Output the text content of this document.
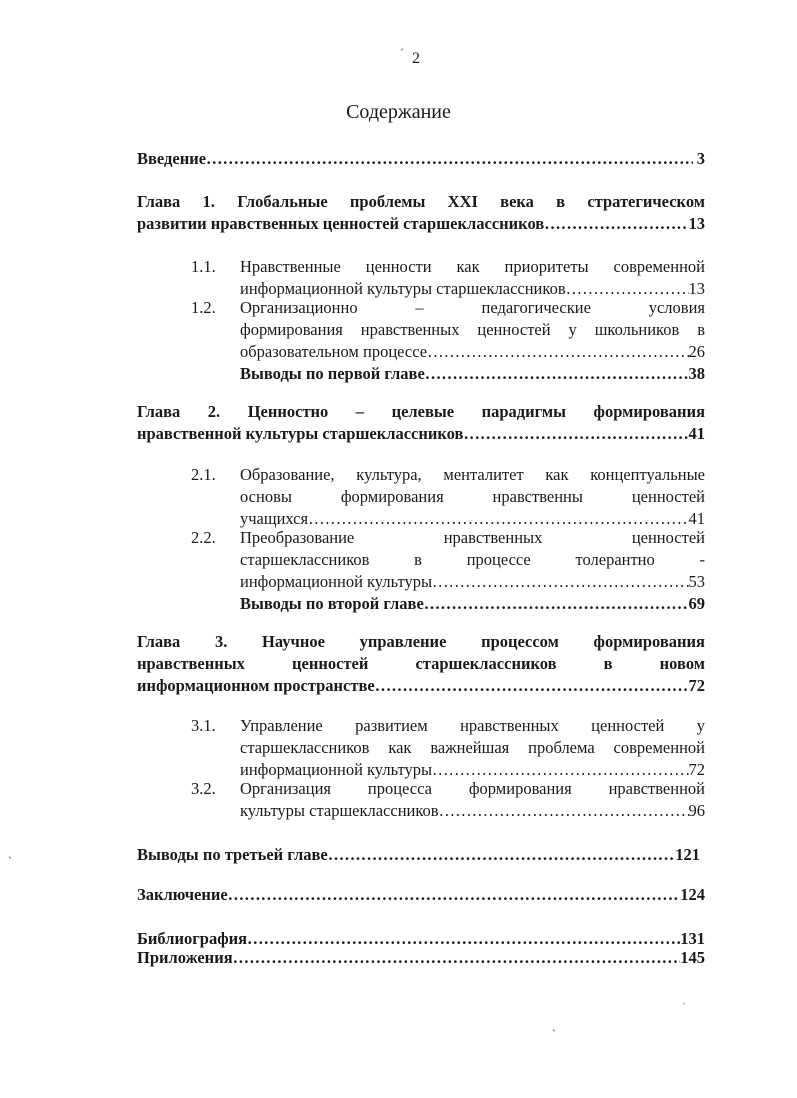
2
Содержание
Введение ……………………………………………………………………………………………………………………………………	3
Глава 1. Глобальные проблемы XXI века в стратегическом
развитии нравственных ценностей старшеклассников ……………………………………………………………………………………………………………………………………	13
1.1.	Нравственные ценности как приоритеты современной
информационной культуры старшеклассников ……………………………………………………………………………………………………………………………………	13
1.2.	Организационно – педагогические условия
формирования нравственных ценностей у школьников в
образовательном процессе ……………………………………………………………………………………………………………………………………	26
Выводы по первой главе ……………………………………………………………………………………………………………………………………	38
Глава 2. Ценностно – целевые парадигмы формирования
нравственной культуры старшеклассников ……………………………………………………………………………………………………………………………………	41
2.1.	Образование, культура, менталитет как концептуальные
основы формирования нравственны ценностей
учащихся ……………………………………………………………………………………………………………………………………	41
2.2.	Преобразование нравственных ценностей
старшеклассников в процессе толерантно -
информационной культуры ……………………………………………………………………………………………………………………………………	53
Выводы по второй главе ……………………………………………………………………………………………………………………………………	69
Глава 3. Научное управление процессом формирования
нравственных ценностей старшеклассников в новом
информационном пространстве ……………………………………………………………………………………………………………………………………	72
3.1.	Управление развитием нравственных ценностей у
старшеклассников как важнейшая проблема современной
информационной культуры ……………………………………………………………………………………………………………………………………	72
3.2.	Организация процесса формирования нравственной
культуры старшеклассников ……………………………………………………………………………………………………………………………………	96
Выводы по третьей главе ……………………………………………………………………………………………………………………………………	121
Заключение ……………………………………………………………………………………………………………………………………	124
Библиография ……………………………………………………………………………………………………………………………………	131
Приложения ……………………………………………………………………………………………………………………………………	145
ˊ
ˏ
ˈ
ˎ
